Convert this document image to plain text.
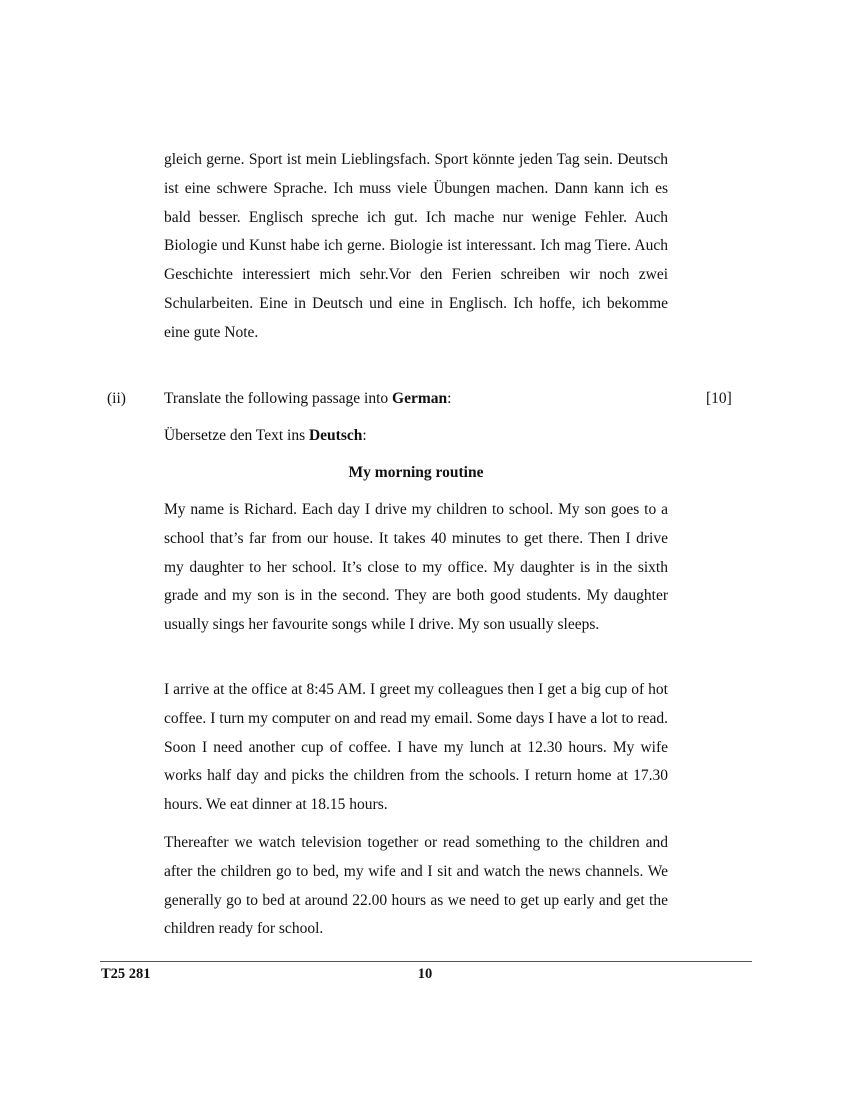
gleich gerne. Sport ist mein Lieblingsfach. Sport könnte jeden Tag sein. Deutsch ist eine schwere Sprache. Ich muss viele Übungen machen. Dann kann ich es bald besser. Englisch spreche ich gut. Ich mache nur wenige Fehler. Auch Biologie und Kunst habe ich gerne. Biologie ist interessant. Ich mag Tiere. Auch Geschichte interessiert mich sehr.Vor den Ferien schreiben wir noch zwei Schularbeiten. Eine in Deutsch und eine in Englisch. Ich hoffe, ich bekomme eine gute Note.

(ii) Translate the following passage into German:	[10]
Übersetze den Text ins Deutsch:
My morning routine

My name is Richard. Each day I drive my children to school. My son goes to a school that’s far from our house. It takes 40 minutes to get there. Then I drive my daughter to her school. It’s close to my office. My daughter is in the sixth grade and my son is in the second. They are both good students. My daughter usually sings her favourite songs while I drive. My son usually sleeps.

I arrive at the office at 8:45 AM. I greet my colleagues then I get a big cup of hot coffee. I turn my computer on and read my email. Some days I have a lot to read. Soon I need another cup of coffee. I have my lunch at 12.30 hours. My wife works half day and picks the children from the schools. I return home at 17.30 hours. We eat dinner at 18.15 hours.

Thereafter we watch television together or read something to the children and after the children go to bed, my wife and I sit and watch the news channels. We generally go to bed at around 22.00 hours as we need to get up early and get the children ready for school.

T25 281	10
